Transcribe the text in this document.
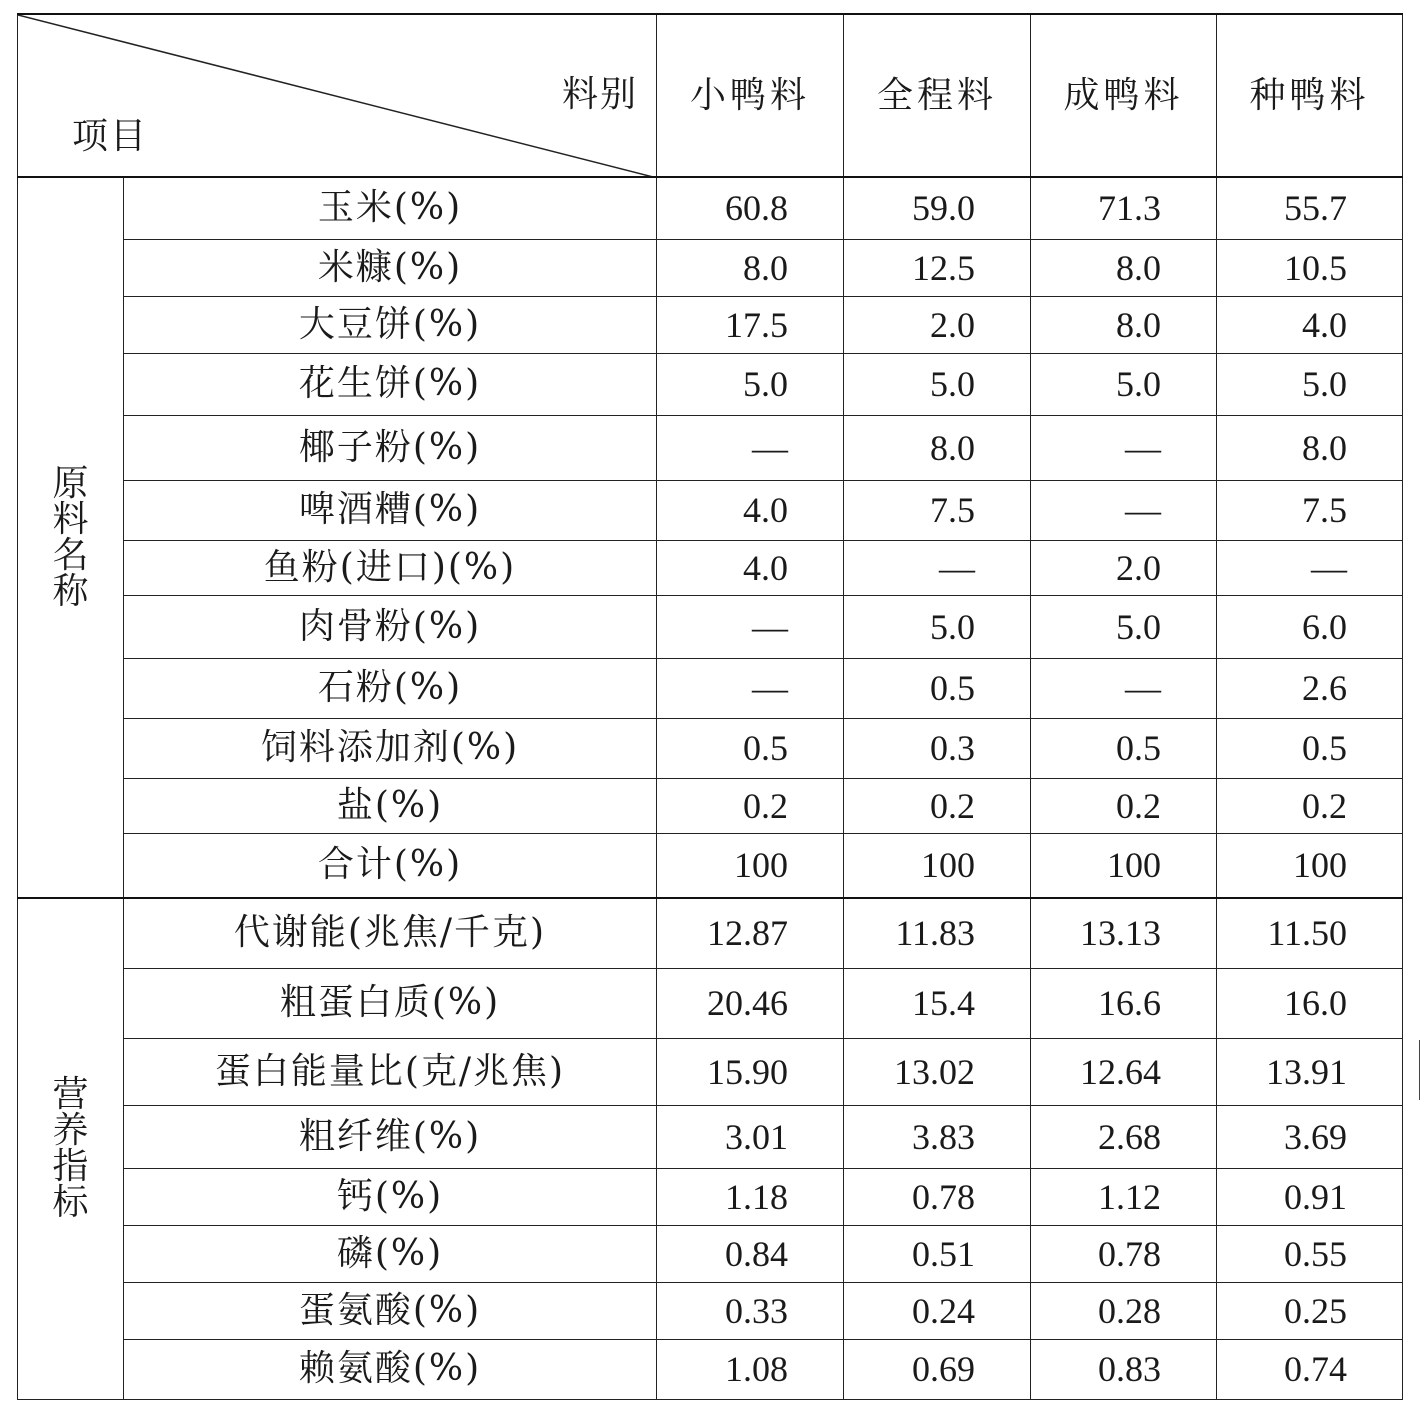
料别
项目		小鸭料	全程料	成鸭料	种鸭料

原
料
名
称	玉米(%)	60.8	59.0	71.3	55.7
	米糠(%)	8.0	12.5	8.0	10.5
	大豆饼(%)	17.5	2.0	8.0	4.0
	花生饼(%)	5.0	5.0	5.0	5.0
	椰子粉(%)	—	8.0	—	8.0
	啤酒糟(%)	4.0	7.5	—	7.5
	鱼粉(进口)(%)	4.0	—	2.0	—
	肉骨粉(%)	—	5.0	5.0	6.0
	石粉(%)	—	0.5	—	2.6
	饲料添加剂(%)	0.5	0.3	0.5	0.5
	盐(%)	0.2	0.2	0.2	0.2
	合计(%)	100	100	100	100

营
养
指
标	代谢能(兆焦/千克)	12.87	11.83	13.13	11.50
	粗蛋白质(%)	20.46	15.4	16.6	16.0
	蛋白能量比(克/兆焦)	15.90	13.02	12.64	13.91
	粗纤维(%)	3.01	3.83	2.68	3.69
	钙(%)	1.18	0.78	1.12	0.91
	磷(%)	0.84	0.51	0.78	0.55
	蛋氨酸(%)	0.33	0.24	0.28	0.25
	赖氨酸(%)	1.08	0.69	0.83	0.74
